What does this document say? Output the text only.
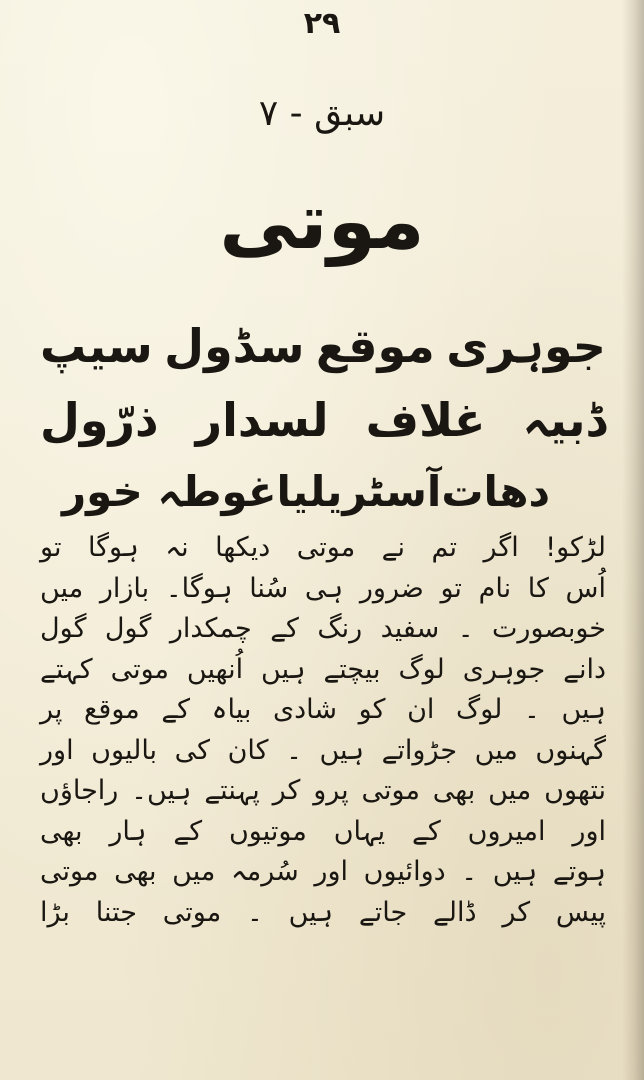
۲۹
سبق - ۷
موتی
جوہری
موقع
سڈول
سیپ
ڈبیہ
غلاف
لسدار
ذرّول
دھات
آسٹریلیا
غوطہ خور
لڑکو! اگر تم نے موتی دیکھا نہ ہوگا تو
اُس کا نام تو ضرور ہی سُنا ہوگا۔ بازار میں
خوبصورت ۔ سفید رنگ کے چمکدار گول گول
دانے جوہری لوگ بیچتے ہیں اُنھیں موتی کہتے
ہیں ۔ لوگ ان کو شادی بیاہ کے موقع پر
گہنوں میں جڑواتے ہیں ۔ کان کی بالیوں اور
نتھوں میں بھی موتی پرو کر پہنتے ہیں۔ راجاؤں
اور امیروں کے یہاں موتیوں کے ہار بھی
ہوتے ہیں ۔ دوائیوں اور سُرمہ میں بھی موتی
پیس کر ڈالے جاتے ہیں ۔ موتی جتنا بڑا
